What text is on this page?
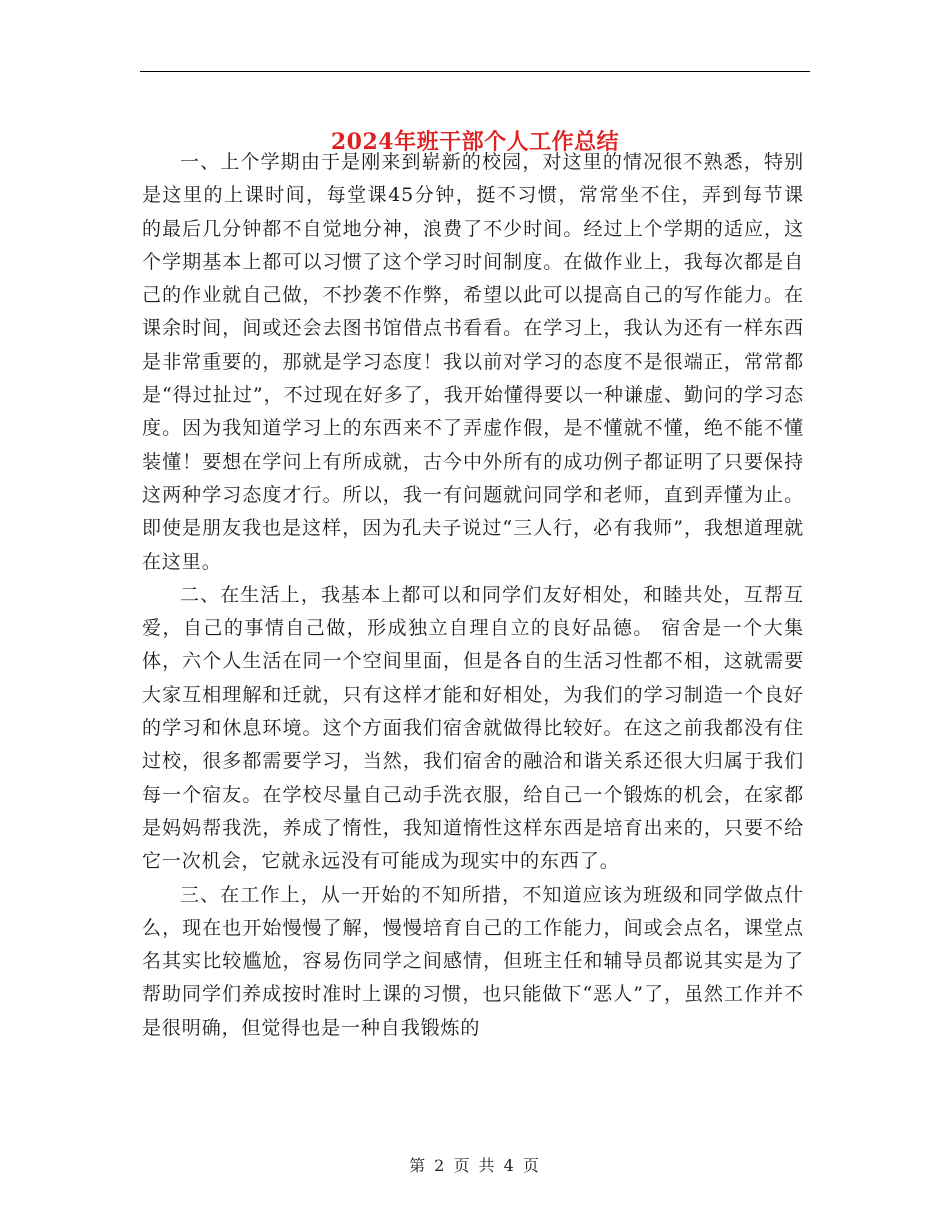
2024年班干部个人工作总结

一、上个学期由于是刚来到崭新的校园，对这里的情况很不熟悉，特别是这里的上课时间，每堂课45分钟，挺不习惯，常常坐不住，弄到每节课的最后几分钟都不自觉地分神，浪费了不少时间。经过上个学期的适应，这个学期基本上都可以习惯了这个学习时间制度。在做作业上，我每次都是自己的作业就自己做，不抄袭不作弊，希望以此可以提高自己的写作能力。在课余时间，间或还会去图书馆借点书看看。在学习上，我认为还有一样东西是非常重要的，那就是学习态度！我以前对学习的态度不是很端正，常常都是“得过扯过”，不过现在好多了，我开始懂得要以一种谦虚、勤问的学习态度。因为我知道学习上的东西来不了弄虚作假，是不懂就不懂，绝不能不懂装懂！要想在学问上有所成就，古今中外所有的成功例子都证明了只要保持这两种学习态度才行。所以，我一有问题就问同学和老师，直到弄懂为止。即使是朋友我也是这样，因为孔夫子说过“三人行，必有我师”，我想道理就在这里。

二、在生活上，我基本上都可以和同学们友好相处，和睦共处，互帮互爱，自己的事情自己做，形成独立自理自立的良好品德。 宿舍是一个大集体，六个人生活在同一个空间里面，但是各自的生活习性都不相，这就需要大家互相理解和迁就，只有这样才能和好相处，为我们的学习制造一个良好的学习和休息环境。这个方面我们宿舍就做得比较好。在这之前我都没有住过校，很多都需要学习，当然，我们宿舍的融洽和谐关系还很大归属于我们每一个宿友。在学校尽量自己动手洗衣服，给自己一个锻炼的机会，在家都是妈妈帮我洗，养成了惰性，我知道惰性这样东西是培育出来的，只要不给它一次机会，它就永远没有可能成为现实中的东西了。

三、在工作上，从一开始的不知所措，不知道应该为班级和同学做点什么，现在也开始慢慢了解，慢慢培育自己的工作能力，间或会点名，课堂点名其实比较尴尬，容易伤同学之间感情，但班主任和辅导员都说其实是为了帮助同学们养成按时准时上课的习惯，也只能做下“恶人”了，虽然工作并不是很明确，但觉得也是一种自我锻炼的

第 2 页 共 4 页
